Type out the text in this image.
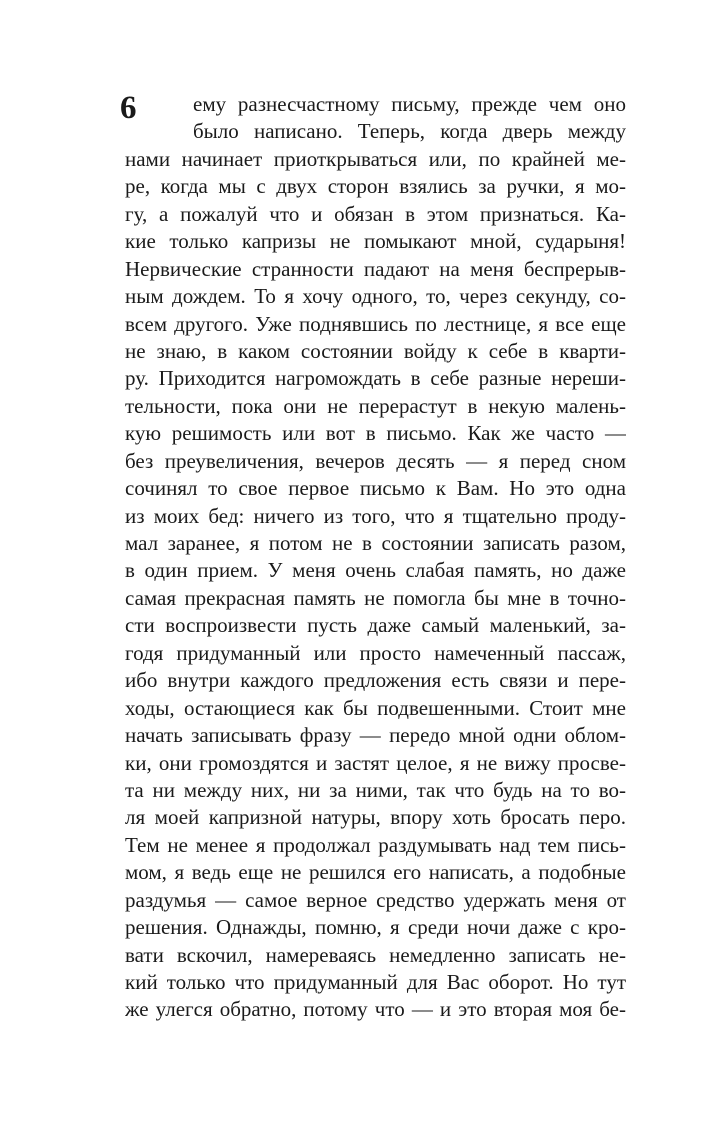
6	ему разнесчастному письму, прежде чем оно
было написано. Теперь, когда дверь между
нами начинает приоткрываться или, по крайней ме-
ре, когда мы с двух сторон взялись за ручки, я мо-
гу, а пожалуй что и обязан в этом признаться. Ка-
кие только капризы не помыкают мной, сударыня!
Нервические странности падают на меня беспрерыв-
ным дождем. То я хочу одного, то, через секунду, со-
всем другого. Уже поднявшись по лестнице, я все еще
не знаю, в каком состоянии войду к себе в кварти-
ру. Приходится нагромождать в себе разные нереши-
тельности, пока они не перерастут в некую малень-
кую решимость или вот в письмо. Как же часто —
без преувеличения, вечеров десять — я перед сном
сочинял то свое первое письмо к Вам. Но это одна
из моих бед: ничего из того, что я тщательно проду-
мал заранее, я потом не в состоянии записать разом,
в один прием. У меня очень слабая память, но даже
самая прекрасная память не помогла бы мне в точно-
сти воспроизвести пусть даже самый маленький, за-
годя придуманный или просто намеченный пассаж,
ибо внутри каждого предложения есть связи и пере-
ходы, остающиеся как бы подвешенными. Стоит мне
начать записывать фразу — передо мной одни облом-
ки, они громоздятся и застят целое, я не вижу просве-
та ни между них, ни за ними, так что будь на то во-
ля моей капризной натуры, впору хоть бросать перо.
Тем не менее я продолжал раздумывать над тем пись-
мом, я ведь еще не решился его написать, а подобные
раздумья — самое верное средство удержать меня от
решения. Однажды, помню, я среди ночи даже с кро-
вати вскочил, намереваясь немедленно записать не-
кий только что придуманный для Вас оборот. Но тут
же улегся обратно, потому что — и это вторая моя бе-
